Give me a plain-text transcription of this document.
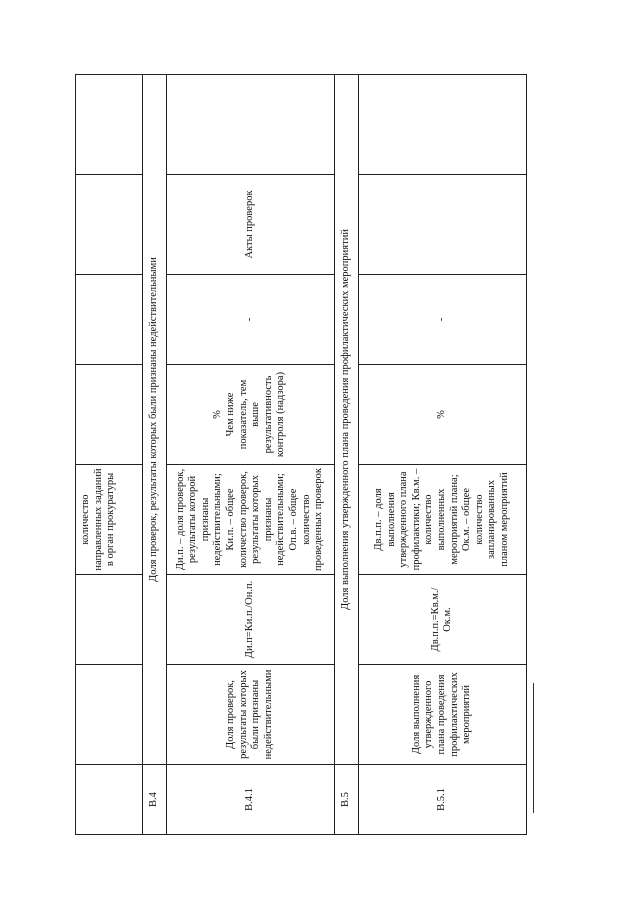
			количество направленных заданий в орган прокуратуры				
В.4	Доля проверок, результаты которых были признаны недействительными						
В.4.1	Доля проверок, результаты которых были признаны недействительными	Ди.п=Ки.п./Он.п.	Ди.п. – доля проверок, результаты которой признаны недействительными; Ки.п. – общее количество проверок, результаты которых признаны недействительными; Оп.в. – общее количество проведенных проверок	% Чем ниже показатель, тем выше результативность контроля (надзора)	-	Акты проверок	
В.5	Доля выполнения утвержденного плана проведения профилактических мероприятий						
В.5.1	Доля выполнения утвержденного плана проведения профилактических мероприятий	Дв.п.п.=Кв.м./Ок.м.	Дв.п.п. – доля выполнения утвержденного плана профилактики; Кв.м. – количество выполненных мероприятий плана; Ок.м. – общее количество запланированных планом мероприятий	%	-		
